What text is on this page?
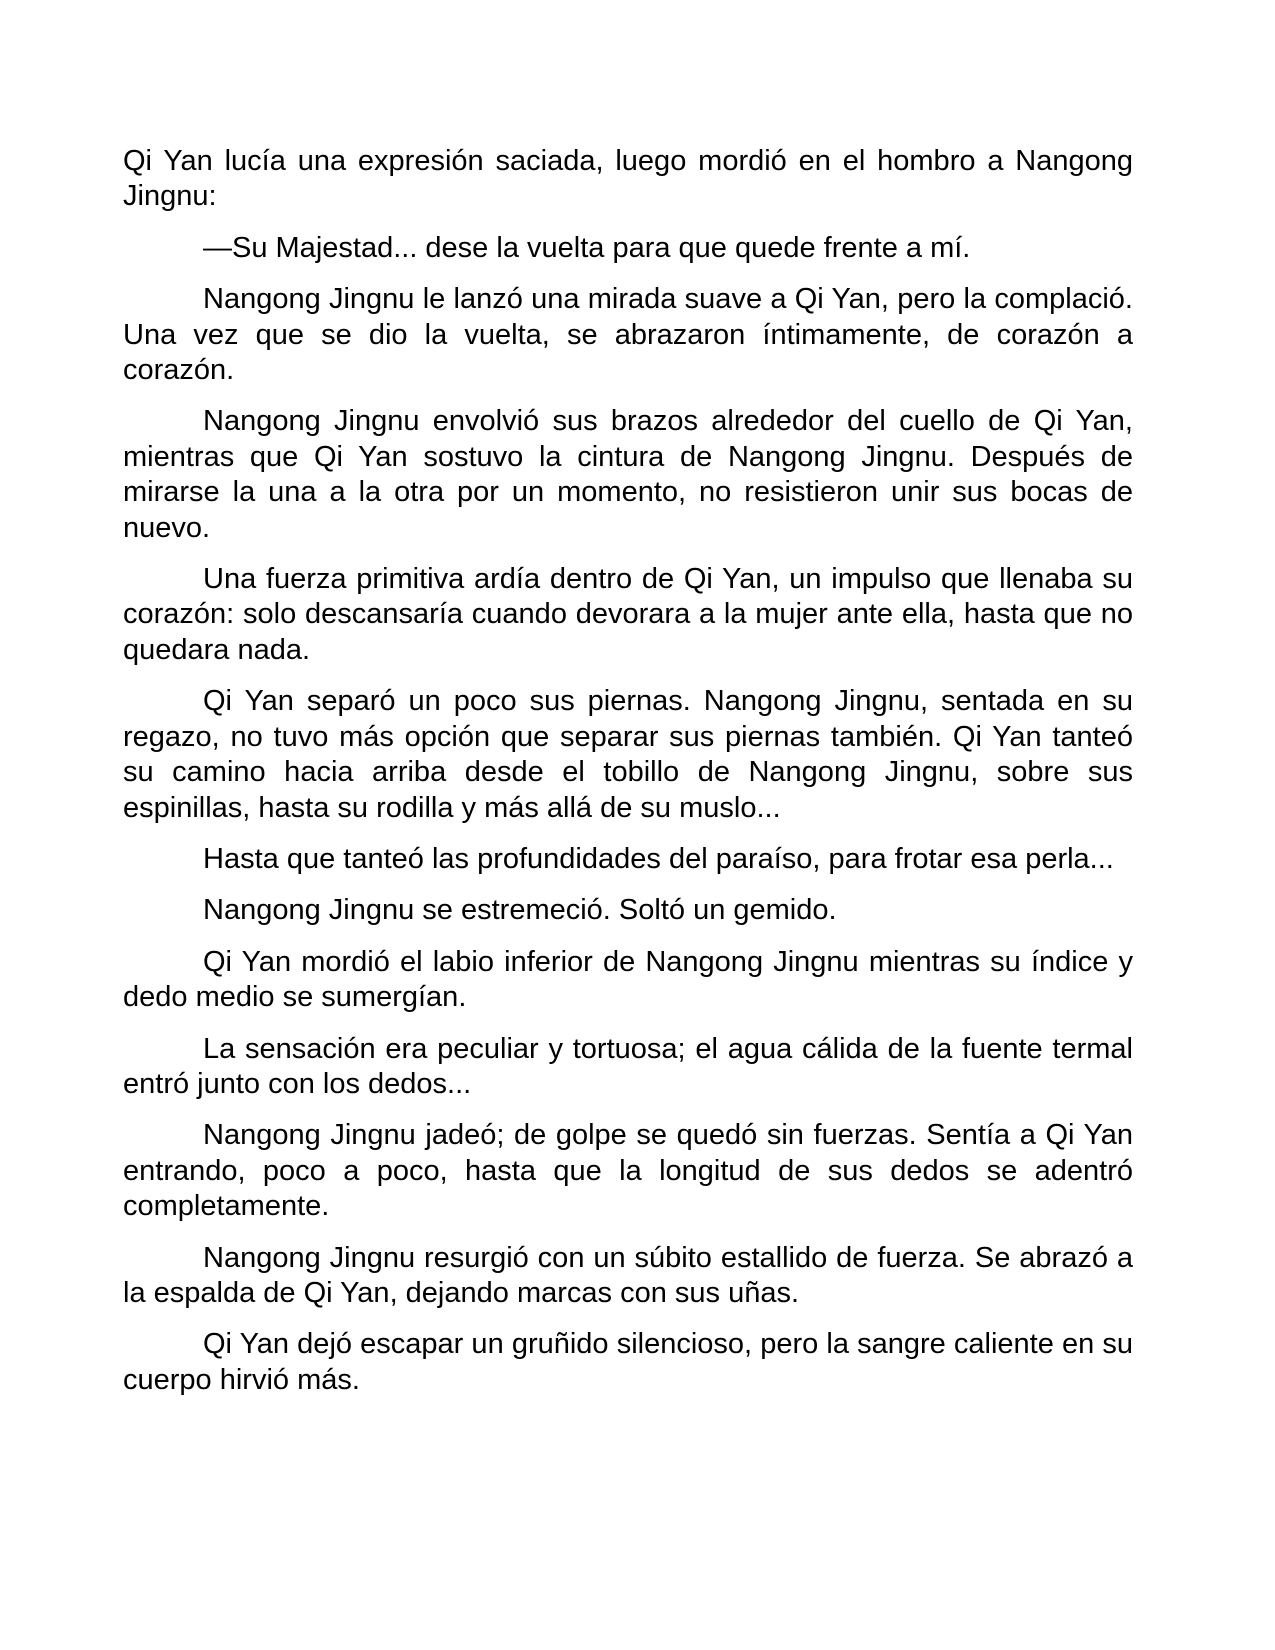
Qi Yan lucía una expresión saciada, luego mordió en el hombro a Nangong Jingnu:

—Su Majestad... dese la vuelta para que quede frente a mí.

Nangong Jingnu le lanzó una mirada suave a Qi Yan, pero la complació. Una vez que se dio la vuelta, se abrazaron íntimamente, de corazón a corazón.

Nangong Jingnu envolvió sus brazos alrededor del cuello de Qi Yan, mientras que Qi Yan sostuvo la cintura de Nangong Jingnu. Después de mirarse la una a la otra por un momento, no resistieron unir sus bocas de nuevo.

Una fuerza primitiva ardía dentro de Qi Yan, un impulso que llenaba su corazón: solo descansaría cuando devorara a la mujer ante ella, hasta que no quedara nada.

Qi Yan separó un poco sus piernas. Nangong Jingnu, sentada en su regazo, no tuvo más opción que separar sus piernas también. Qi Yan tanteó su camino hacia arriba desde el tobillo de Nangong Jingnu, sobre sus espinillas, hasta su rodilla y más allá de su muslo...

Hasta que tanteó las profundidades del paraíso, para frotar esa perla...

Nangong Jingnu se estremeció. Soltó un gemido.

Qi Yan mordió el labio inferior de Nangong Jingnu mientras su índice y dedo medio se sumergían.

La sensación era peculiar y tortuosa; el agua cálida de la fuente termal entró junto con los dedos...

Nangong Jingnu jadeó; de golpe se quedó sin fuerzas. Sentía a Qi Yan entrando, poco a poco, hasta que la longitud de sus dedos se adentró completamente.

Nangong Jingnu resurgió con un súbito estallido de fuerza. Se abrazó a la espalda de Qi Yan, dejando marcas con sus uñas.

Qi Yan dejó escapar un gruñido silencioso, pero la sangre caliente en su cuerpo hirvió más.
